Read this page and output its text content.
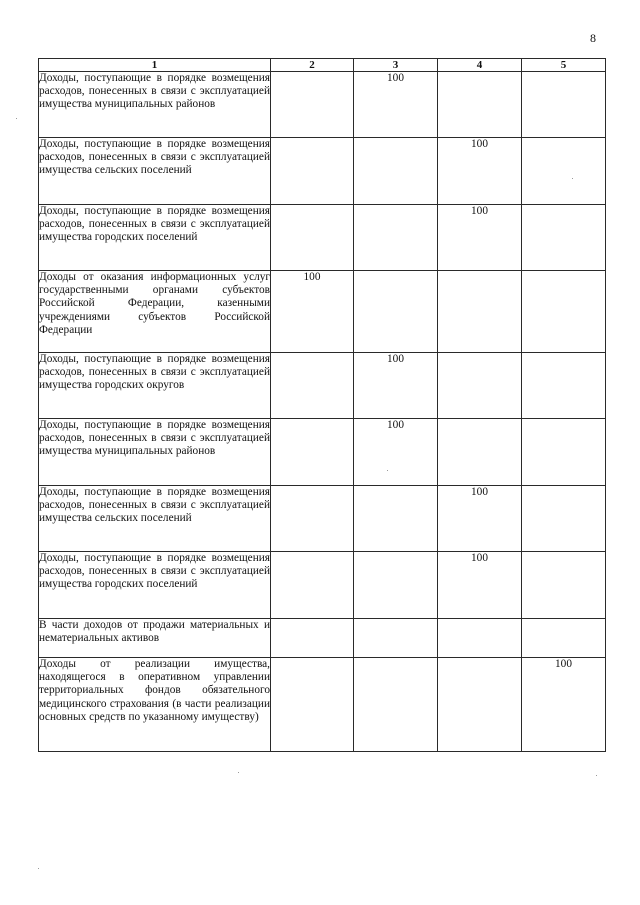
8
1	2	3	4	5
Доходы, поступающие в порядке возмещения расходов, понесенных в связи с эксплуатацией имущества муниципальных районов		100		
Доходы, поступающие в порядке возмещения расходов, понесенных в связи с эксплуатацией имущества сельских поселений			100	
Доходы, поступающие в порядке возмещения расходов, понесенных в связи с эксплуатацией имущества городских поселений			100	
Доходы от оказания информационных услуг государственными органами субъектов Российской Федерации, казенными учреждениями субъектов Российской Федерации	100			
Доходы, поступающие в порядке возмещения расходов, понесенных в связи с эксплуатацией имущества городских округов		100		
Доходы, поступающие в порядке возмещения расходов, понесенных в связи с эксплуатацией имущества муниципальных районов		100		
Доходы, поступающие в порядке возмещения расходов, понесенных в связи с эксплуатацией имущества сельских поселений			100	
Доходы, поступающие в порядке возмещения расходов, понесенных в связи с эксплуатацией имущества городских поселений			100	
В части доходов от продажи материальных и нематериальных активов				
Доходы от реализации имущества, находящегося в оперативном управлении территориальных фондов обязательного медицинского страхования (в части реализации основных средств по указанному имуществу)				100
